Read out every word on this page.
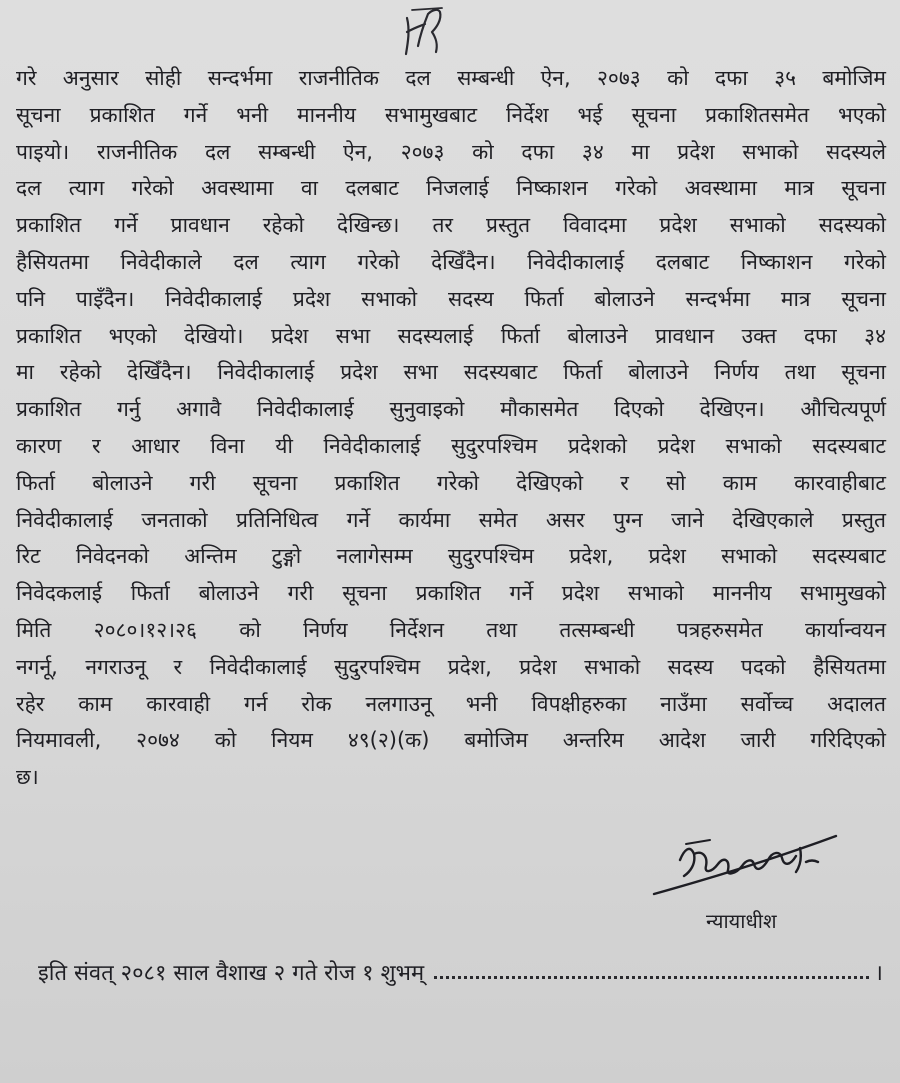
गरे अनुसार सोही सन्दर्भमा राजनीतिक दल सम्बन्धी ऐन, २०७३ को दफा ३५ बमोजिम
सूचना प्रकाशित गर्ने भनी माननीय सभामुखबाट निर्देश भई सूचना प्रकाशितसमेत भएको
पाइयो। राजनीतिक दल सम्बन्धी ऐन, २०७३ को दफा ३४ मा प्रदेश सभाको सदस्यले
दल त्याग गरेको अवस्थामा वा दलबाट निजलाई निष्काशन गरेको अवस्थामा मात्र सूचना
प्रकाशित गर्ने प्रावधान रहेको देखिन्छ। तर प्रस्तुत विवादमा प्रदेश सभाको सदस्यको
हैसियतमा निवेदीकाले दल त्याग गरेको देखिँदैन। निवेदीकालाई दलबाट निष्काशन गरेको
पनि पाइँदैन। निवेदीकालाई प्रदेश सभाको सदस्य फिर्ता बोलाउने सन्दर्भमा मात्र सूचना
प्रकाशित भएको देखियो। प्रदेश सभा सदस्यलाई फिर्ता बोलाउने प्रावधान उक्त दफा ३४
मा रहेको देखिँदैन। निवेदीकालाई प्रदेश सभा सदस्यबाट फिर्ता बोलाउने निर्णय तथा सूचना
प्रकाशित गर्नु अगावै निवेदीकालाई सुनुवाइको मौकासमेत दिएको देखिएन। औचित्यपूर्ण
कारण र आधार विना यी निवेदीकालाई सुदुरपश्चिम प्रदेशको प्रदेश सभाको सदस्यबाट
फिर्ता बोलाउने गरी सूचना प्रकाशित गरेको देखिएको र सो काम कारवाहीबाट
निवेदीकालाई जनताको प्रतिनिधित्व गर्ने कार्यमा समेत असर पुग्न जाने देखिएकाले प्रस्तुत
रिट निवेदनको अन्तिम टुङ्गो नलागेसम्म सुदुरपश्चिम प्रदेश, प्रदेश सभाको सदस्यबाट
निवेदकलाई फिर्ता बोलाउने गरी सूचना प्रकाशित गर्ने प्रदेश सभाको माननीय सभामुखको
मिति २०८०।१२।२६ को निर्णय निर्देशन तथा तत्सम्बन्धी पत्रहरुसमेत कार्यान्वयन
नगर्नू, नगराउनू र निवेदीकालाई सुदुरपश्चिम प्रदेश, प्रदेश सभाको सदस्य पदको हैसियतमा
रहेर काम कारवाही गर्न रोक नलगाउनू भनी विपक्षीहरुका नाउँमा सर्वोच्च अदालत
नियमावली, २०७४ को नियम ४९(२)(क) बमोजिम अन्तरिम आदेश जारी गरिदिएको
छ।
न्यायाधीश
इति संवत् २०८१ साल वैशाख २ गते रोज १ शुभम्	।
